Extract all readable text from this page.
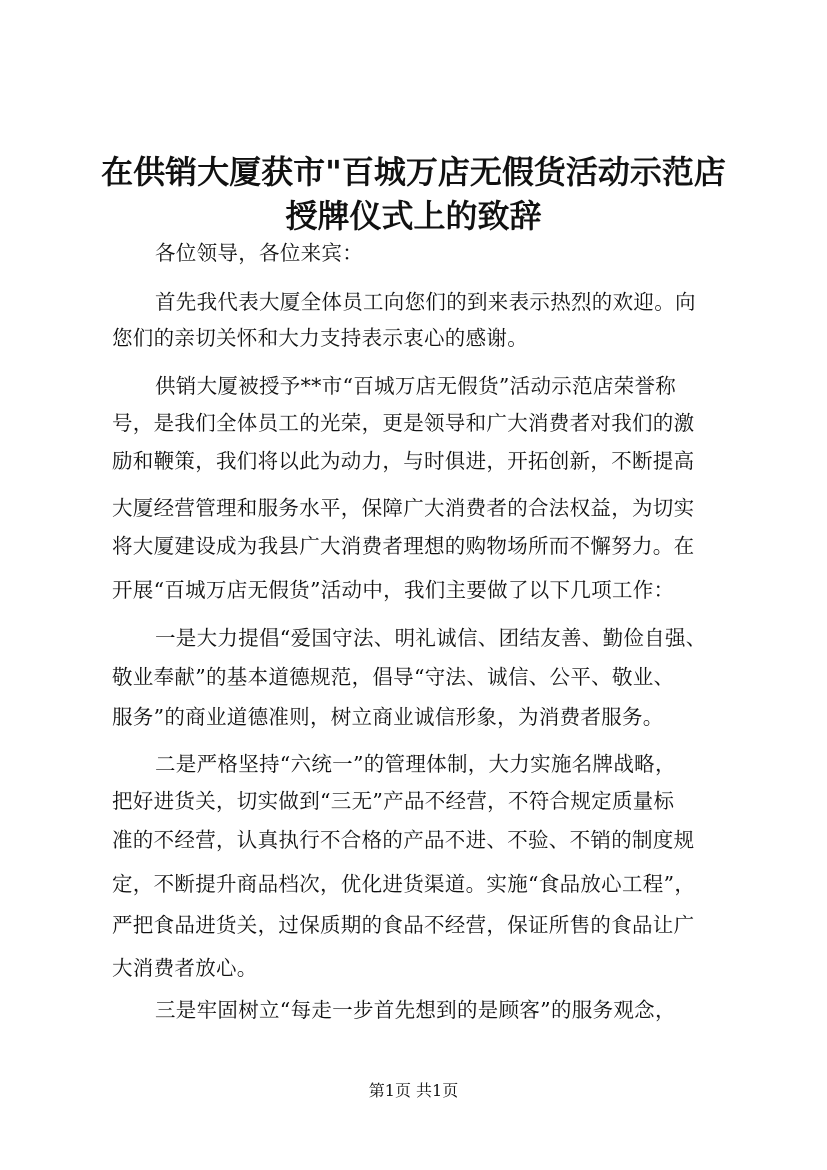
在供销大厦获市"百城万店无假货活动示范店
授牌仪式上的致辞
各位领导，各位来宾：
首先我代表大厦全体员工向您们的到来表示热烈的欢迎。向
您们的亲切关怀和大力支持表示衷心的感谢。
供销大厦被授予**市“百城万店无假货”活动示范店荣誉称
号，是我们全体员工的光荣，更是领导和广大消费者对我们的激
励和鞭策，我们将以此为动力，与时俱进，开拓创新，不断提高
大厦经营管理和服务水平，保障广大消费者的合法权益，为切实
将大厦建设成为我县广大消费者理想的购物场所而不懈努力。在
开展“百城万店无假货”活动中，我们主要做了以下几项工作：
一是大力提倡“爱国守法、明礼诚信、团结友善、勤俭自强、
敬业奉献”的基本道德规范，倡导“守法、诚信、公平、敬业、
服务”的商业道德准则，树立商业诚信形象，为消费者服务。
二是严格坚持“六统一”的管理体制，大力实施名牌战略，
把好进货关，切实做到“三无”产品不经营，不符合规定质量标
准的不经营，认真执行不合格的产品不进、不验、不销的制度规
定，不断提升商品档次，优化进货渠道。实施“食品放心工程”，
严把食品进货关，过保质期的食品不经营，保证所售的食品让广
大消费者放心。
三是牢固树立“每走一步首先想到的是顾客”的服务观念，
第1页 共1页
